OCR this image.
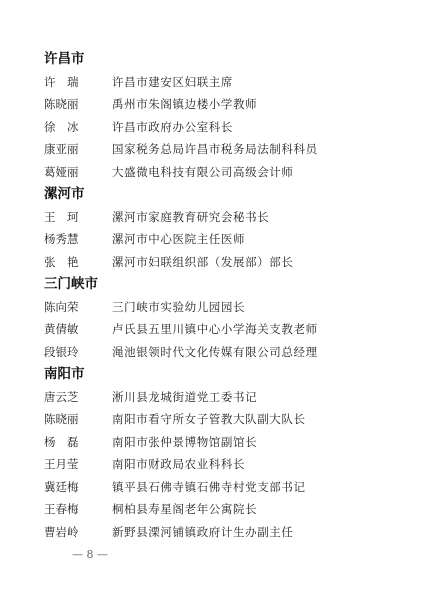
许昌市
许　瑞	许昌市建安区妇联主席
陈晓丽	禹州市朱阁镇边楼小学教师
徐　冰	许昌市政府办公室科长
康亚丽	国家税务总局许昌市税务局法制科科员
葛娅丽	大盛微电科技有限公司高级会计师
漯河市
王　珂	漯河市家庭教育研究会秘书长
杨秀慧	漯河市中心医院主任医师
张　艳	漯河市妇联组织部（发展部）部长
三门峡市
陈向荣	三门峡市实验幼儿园园长
黄倩敏	卢氏县五里川镇中心小学海关支教老师
段银玲	渑池银领时代文化传媒有限公司总经理
南阳市
唐云芝	淅川县龙城街道党工委书记
陈晓丽	南阳市看守所女子管教大队副大队长
杨　磊	南阳市张仲景博物馆副馆长
王月莹	南阳市财政局农业科科长
冀廷梅	镇平县石佛寺镇石佛寺村党支部书记
王春梅	桐柏县寿星阁老年公寓院长
曹岩岭	新野县溧河铺镇政府计生办副主任
— 8 —
